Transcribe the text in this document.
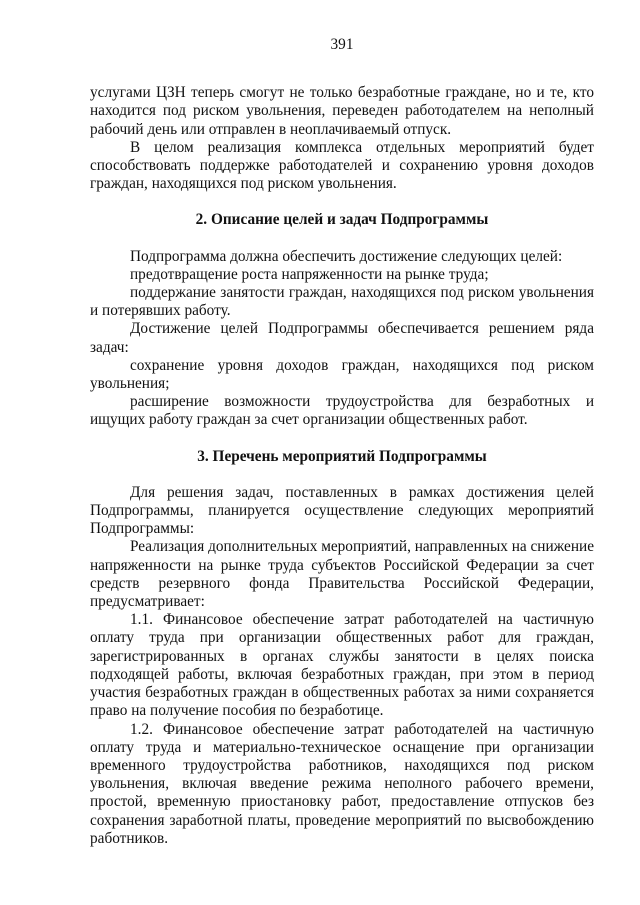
391

услугами ЦЗН теперь смогут не только безработные граждане, но и те, кто находится под риском увольнения, переведен работодателем на неполный рабочий день или отправлен в неоплачиваемый отпуск.

В целом реализация комплекса отдельных мероприятий будет способствовать поддержке работодателей и сохранению уровня доходов граждан, находящихся под риском увольнения.

2. Описание целей и задач Подпрограммы

Подпрограмма должна обеспечить достижение следующих целей:

предотвращение роста напряженности на рынке труда;

поддержание занятости граждан, находящихся под риском увольнения и потерявших работу.

Достижение целей Подпрограммы обеспечивается решением ряда задач:

сохранение уровня доходов граждан, находящихся под риском увольнения;

расширение возможности трудоустройства для безработных и ищущих работу граждан за счет организации общественных работ.

3. Перечень мероприятий Подпрограммы

Для решения задач, поставленных в рамках достижения целей Подпрограммы, планируется осуществление следующих мероприятий Подпрограммы:

Реализация дополнительных мероприятий, направленных на снижение напряженности на рынке труда субъектов Российской Федерации за счет средств резервного фонда Правительства Российской Федерации, предусматривает:

1.1. Финансовое обеспечение затрат работодателей на частичную оплату труда при организации общественных работ для граждан, зарегистрированных в органах службы занятости в целях поиска подходящей работы, включая безработных граждан, при этом в период участия безработных граждан в общественных работах за ними сохраняется право на получение пособия по безработице.

1.2. Финансовое обеспечение затрат работодателей на частичную оплату труда и материально-техническое оснащение при организации временного трудоустройства работников, находящихся под риском увольнения, включая введение режима неполного рабочего времени, простой, временную приостановку работ, предоставление отпусков без сохранения заработной платы, проведение мероприятий по высвобождению работников.
